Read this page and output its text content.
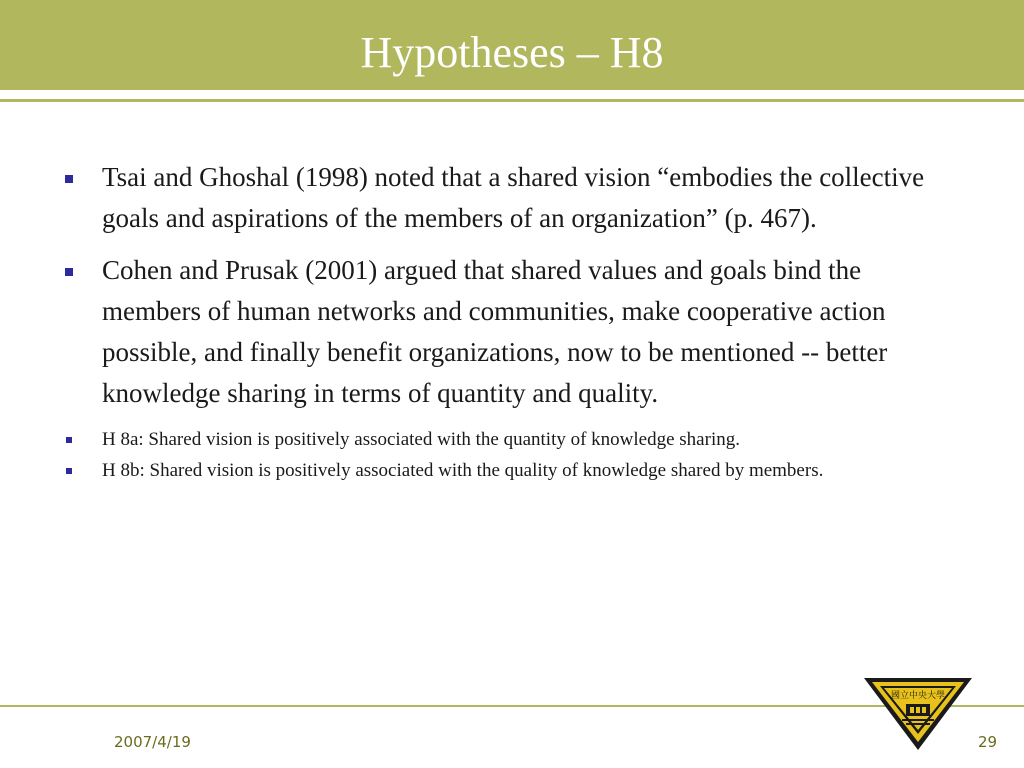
Hypotheses – H8
Tsai and Ghoshal (1998) noted that a shared vision “embodies the collective goals and aspirations of the members of an organization” (p. 467).
Cohen and Prusak (2001) argued that shared values and goals bind the members of human networks and communities, make cooperative action possible, and finally benefit organizations, now to be mentioned -- better knowledge sharing in terms of quantity and quality.
H 8a: Shared vision is positively associated with the quantity of knowledge sharing.
H 8b: Shared vision is positively associated with the quality of knowledge shared by members.
2007/4/19	29
國立中央大學
